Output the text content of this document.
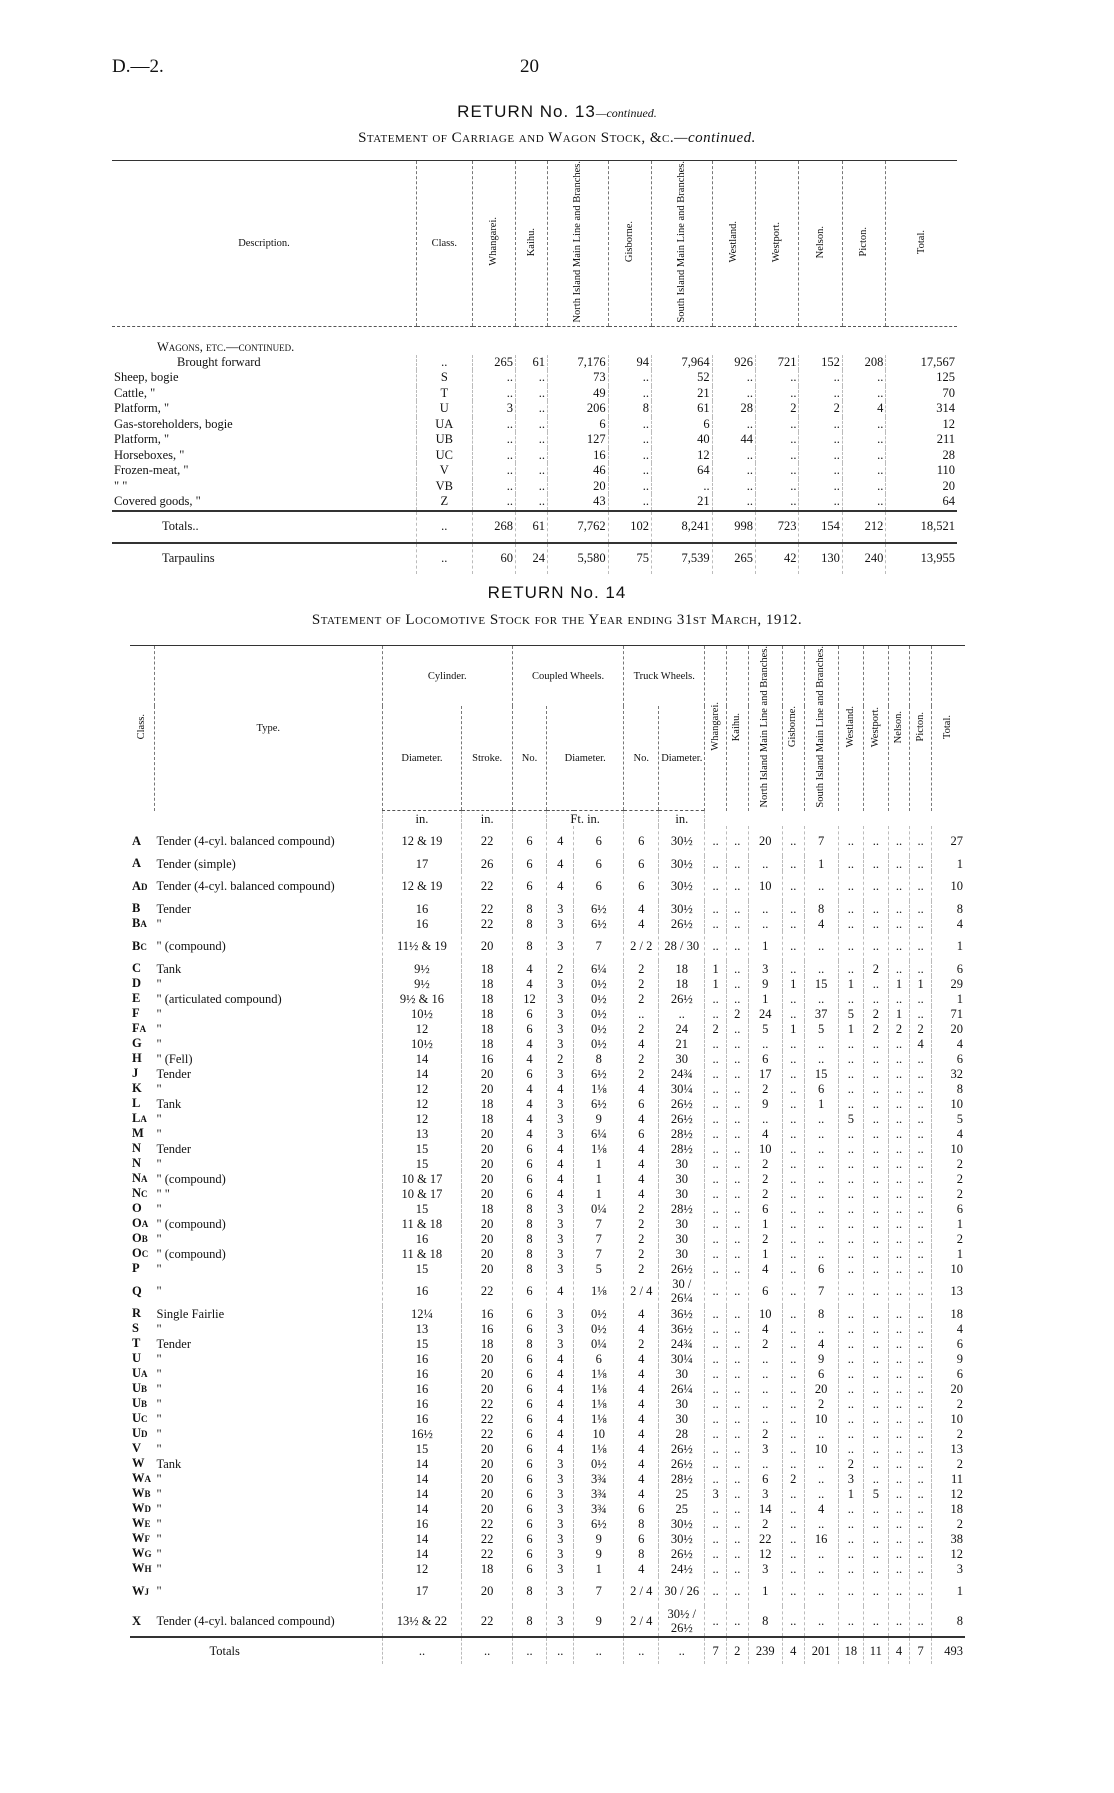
D.—2.	20
RETURN No. 13—continued.
Statement of Carriage and Wagon Stock, &c.—continued.
Description.	Class.	Whangarei.	Kaihu.	North Island Main Line and Branches.	Gisborne.	South Island Main Line and Branches.	Westland.	Westport.	Nelson.	Picton.	Total.
Wagons, etc.—continued.											
Brought forward	..	265	61	7,176	94	7,964	926	721	152	208	17,567
Sheep, bogie	S	..	..	73	..	52	..	..	..	..	125
Cattle, "	T	..	..	49	..	21	..	..	..	..	70
Platform, "	U	3	..	206	8	61	28	2	2	4	314
Gas-storeholders, bogie	UA	..	..	6	..	6	..	..	..	..	12
Platform, "	UB	..	..	127	..	40	44	..	..	..	211
Horseboxes, "	UC	..	..	16	..	12	..	..	..	..	28
Frozen-meat, "	V	..	..	46	..	64	..	..	..	..	110
" "	VB	..	..	20	..	..	..	..	..	..	20
Covered goods, "	Z	..	..	43	..	21	..	..	..	..	64
Totals..	..	268	61	7,762	102	8,241	998	723	154	212	18,521
Tarpaulins	..	60	24	5,580	75	7,539	265	42	130	240	13,955
RETURN No. 14
Statement of Locomotive Stock for the Year ending 31st March, 1912.
Class.	Type.	Cylinder.		Coupled Wheels.			Truck Wheels.		Whangarei.	Kaihu.	North Island Main Line and Branches.	Gisborne.	South Island Main Line and Branches.	Westland.	Westport.	Nelson.	Picton.	Total.
		Diameter.	Stroke.	No.	Diameter.		No.	Diameter.										
		in.	in.		Ft. in.			in.										
A	Tender (4-cyl. balanced compound)	12 & 19	22	6	4	6	6	30½	..	..	20	..	7	..	..	..	..	27
A	Tender (simple)	17	26	6	4	6	6	30½	..	..	..	..	1	..	..	..	..	1
AD	Tender (4-cyl. balanced compound)	12 & 19	22	6	4	6	6	30½	..	..	10	..	..	..	..	..	..	10
B	Tender	16	22	8	3	6½	4	30½	..	..	..	..	8	..	..	..	..	8
BA	"	16	22	8	3	6½	4	26½	..	..	..	..	4	..	..	..	..	4
BC	" (compound)	11½ & 19	20	8	3	7	2 / 2	28 / 30	..	..	1	..	..	..	..	..	..	1
C	Tank	9½	18	4	2	6¼	2	18	1	..	3	..	..	..	2	..	..	6
D	"	9½	18	4	3	0½	2	18	1	..	9	1	15	1	..	1	1	29
E	" (articulated compound)	9½ & 16	18	12	3	0½	2	26½	..	..	1	..	..	..	..	..	..	1
F	"	10½	18	6	3	0½	..	..	..	2	24	..	37	5	2	1	..	71
FA	"	12	18	6	3	0½	2	24	2	..	5	1	5	1	2	2	2	20
G	"	10½	18	4	3	0½	4	21	..	..	..	..	..	..	..	..	4	4
H	" (Fell)	14	16	4	2	8	2	30	..	..	6	..	..	..	..	..	..	6
J	Tender	14	20	6	3	6½	2	24¾	..	..	17	..	15	..	..	..	..	32
K	"	12	20	4	4	1⅛	4	30¼	..	..	2	..	6	..	..	..	..	8
L	Tank	12	18	4	3	6½	6	26½	..	..	9	..	1	..	..	..	..	10
LA	"	12	18	4	3	9	4	26½	..	..	..	..	..	5	..	..	..	5
M	"	13	20	4	3	6¼	6	28½	..	..	4	..	..	..	..	..	..	4
N	Tender	15	20	6	4	1⅛	4	28½	..	..	10	..	..	..	..	..	..	10
N	"	15	20	6	4	1	4	30	..	..	2	..	..	..	..	..	..	2
NA	" (compound)	10 & 17	20	6	4	1	4	30	..	..	2	..	..	..	..	..	..	2
NC	" "	10 & 17	20	6	4	1	4	30	..	..	2	..	..	..	..	..	..	2
O	"	15	18	8	3	0¼	2	28½	..	..	6	..	..	..	..	..	..	6
OA	" (compound)	11 & 18	20	8	3	7	2	30	..	..	1	..	..	..	..	..	..	1
OB	"	16	20	8	3	7	2	30	..	..	2	..	..	..	..	..	..	2
OC	" (compound)	11 & 18	20	8	3	7	2	30	..	..	1	..	..	..	..	..	..	1
P	"	15	20	8	3	5	2	26½	..	..	4	..	6	..	..	..	..	10
Q	"	16	22	6	4	1⅛	2 / 4	30 / 26¼	..	..	6	..	7	..	..	..	..	13
R	Single Fairlie	12¼	16	6	3	0½	4	36½	..	..	10	..	8	..	..	..	..	18
S	"	13	16	6	3	0½	4	36½	..	..	4	..	..	..	..	..	..	4
T	Tender	15	18	8	3	0¼	2	24¾	..	..	2	..	4	..	..	..	..	6
U	"	16	20	6	4	6	4	30¼	..	..	..	..	9	..	..	..	..	9
UA	"	16	20	6	4	1⅛	4	30	..	..	..	..	6	..	..	..	..	6
UB	"	16	20	6	4	1⅛	4	26¼	..	..	..	..	20	..	..	..	..	20
UB	"	16	22	6	4	1⅛	4	30	..	..	..	..	2	..	..	..	..	2
UC	"	16	22	6	4	1⅛	4	30	..	..	..	..	10	..	..	..	..	10
UD	"	16½	22	6	4	10	4	28	..	..	2	..	..	..	..	..	..	2
V	"	15	20	6	4	1⅛	4	26½	..	..	3	..	10	..	..	..	..	13
W	Tank	14	20	6	3	0½	4	26½	..	..	..	..	..	2	..	..	..	2
WA	"	14	20	6	3	3¾	4	28½	..	..	6	2	..	3	..	..	..	11
WB	"	14	20	6	3	3¾	4	25	3	..	3	..	..	1	5	..	..	12
WD	"	14	20	6	3	3¾	6	25	..	..	14	..	4	..	..	..	..	18
WE	"	16	22	6	3	6½	8	30½	..	..	2	..	..	..	..	..	..	2
WF	"	14	22	6	3	9	6	30½	..	..	22	..	16	..	..	..	..	38
WG	"	14	22	6	3	9	8	26½	..	..	12	..	..	..	..	..	..	12
WH	"	12	18	6	3	1	4	24½	..	..	3	..	..	..	..	..	..	3
WJ	"	17	20	8	3	7	2 / 4	30 / 26	..	..	1	..	..	..	..	..	..	1
X	Tender (4-cyl. balanced compound)	13½ & 22	22	8	3	9	2 / 4	30½ / 26½	..	..	8	..	..	..	..	..	..	8
	Totals	..	..	..	..	..	..	..	7	2	239	4	201	18	11	4	7	493
